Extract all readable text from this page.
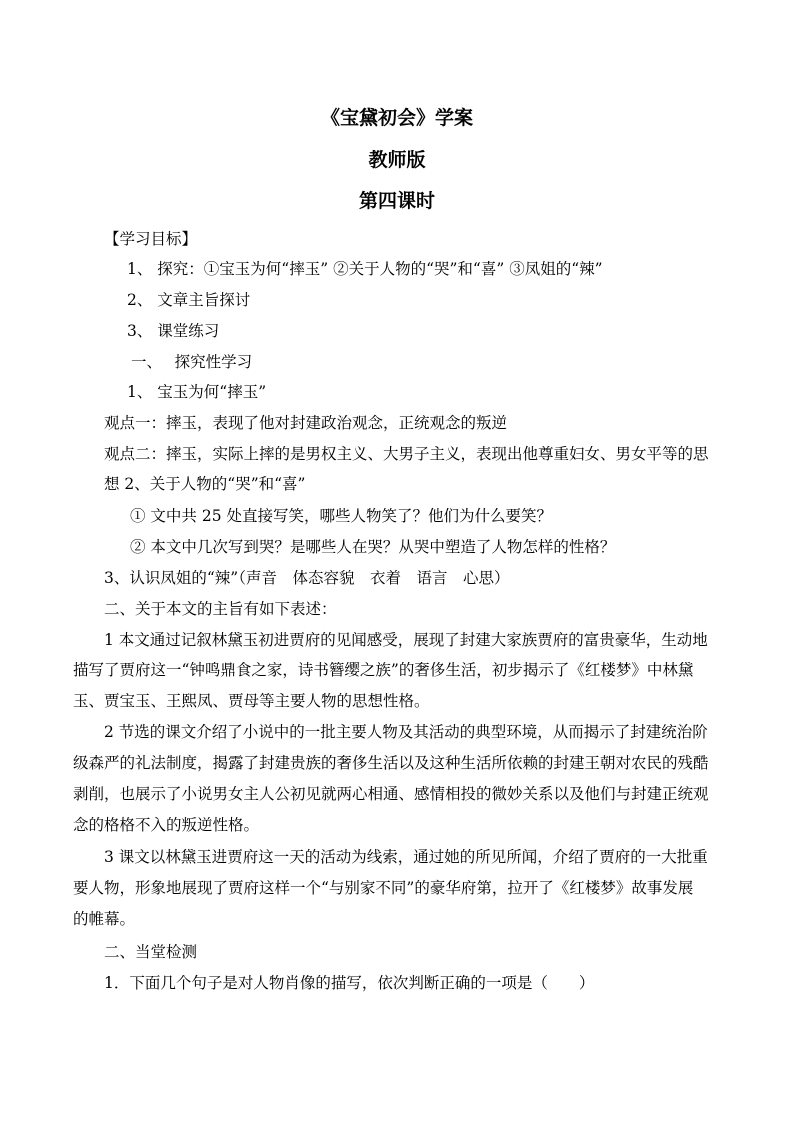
《宝黛初会》学案
教师版
第四课时
【学习目标】
1、 探究：①宝玉为何“摔玉” ②关于人物的“哭”和“喜” ③凤姐的“辣”
2、 文章主旨探讨
3、 课堂练习
一、　 探究性学习
1、 宝玉为何“摔玉”
观点一：摔玉，表现了他对封建政治观念，正统观念的叛逆
观点二：摔玉，实际上摔的是男权主义、大男子主义，表现出他尊重妇女、男女平等的思
想 2、关于人物的“哭”和“喜”
① 文中共 25 处直接写笑，哪些人物笑了？他们为什么要笑？
② 本文中几次写到哭？是哪些人在哭？从哭中塑造了人物怎样的性格？
3、认识凤姐的“辣”（声音　体态容貌　衣着　语言　心思）
二、关于本文的主旨有如下表述：
1 本文通过记叙林黛玉初进贾府的见闻感受，展现了封建大家族贾府的富贵豪华，生动地
描写了贾府这一“钟鸣鼎食之家，诗书簪缨之族”的奢侈生活，初步揭示了《红楼梦》中林黛
玉、贾宝玉、王熙凤、贾母等主要人物的思想性格。
2 节选的课文介绍了小说中的一批主要人物及其活动的典型环境，从而揭示了封建统治阶
级森严的礼法制度，揭露了封建贵族的奢侈生活以及这种生活所依赖的封建王朝对农民的残酷
剥削，也展示了小说男女主人公初见就两心相通、感情相投的微妙关系以及他们与封建正统观
念的格格不入的叛逆性格。
3 课文以林黛玉进贾府这一天的活动为线索，通过她的所见所闻，介绍了贾府的一大批重
要人物，形象地展现了贾府这样一个“与别家不同”的豪华府第，拉开了《红楼梦》故事发展
的帷幕。
二、当堂检测
1．下面几个句子是对人物肖像的描写，依次判断正确的一项是（　　）
